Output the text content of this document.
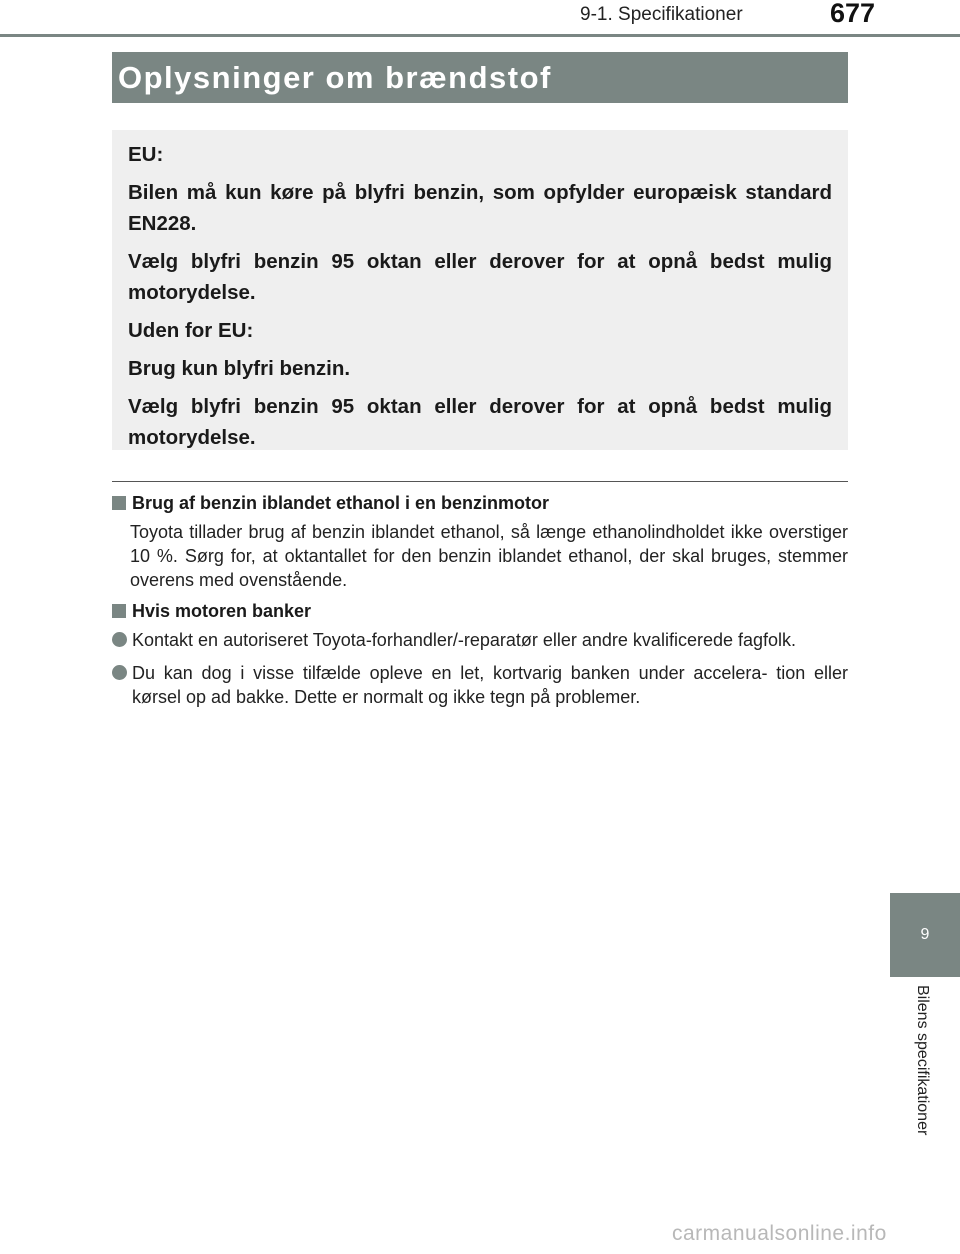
9-1. Specifikationer	677
Oplysninger om brændstof

EU:

Bilen må kun køre på blyfri benzin, som opfylder europæisk standard EN228.

Vælg blyfri benzin 95 oktan eller derover for at opnå bedst mulig motorydelse.

Uden for EU:

Brug kun blyfri benzin.

Vælg blyfri benzin 95 oktan eller derover for at opnå bedst mulig motorydelse.

Brug af benzin iblandet ethanol i en benzinmotor
Toyota tillader brug af benzin iblandet ethanol, så længe ethanolindholdet ikke overstiger 10 %. Sørg for, at oktantallet for den benzin iblandet ethanol, der skal bruges, stemmer overens med ovenstående.
Hvis motoren banker
Kontakt en autoriseret Toyota-forhandler/-reparatør eller andre kvalificerede fagfolk.
Du kan dog i visse tilfælde opleve en let, kortvarig banken under accelera- tion eller kørsel op ad bakke. Dette er normalt og ikke tegn på problemer.
9
Bilens specifikationer
carmanualsonline.info
